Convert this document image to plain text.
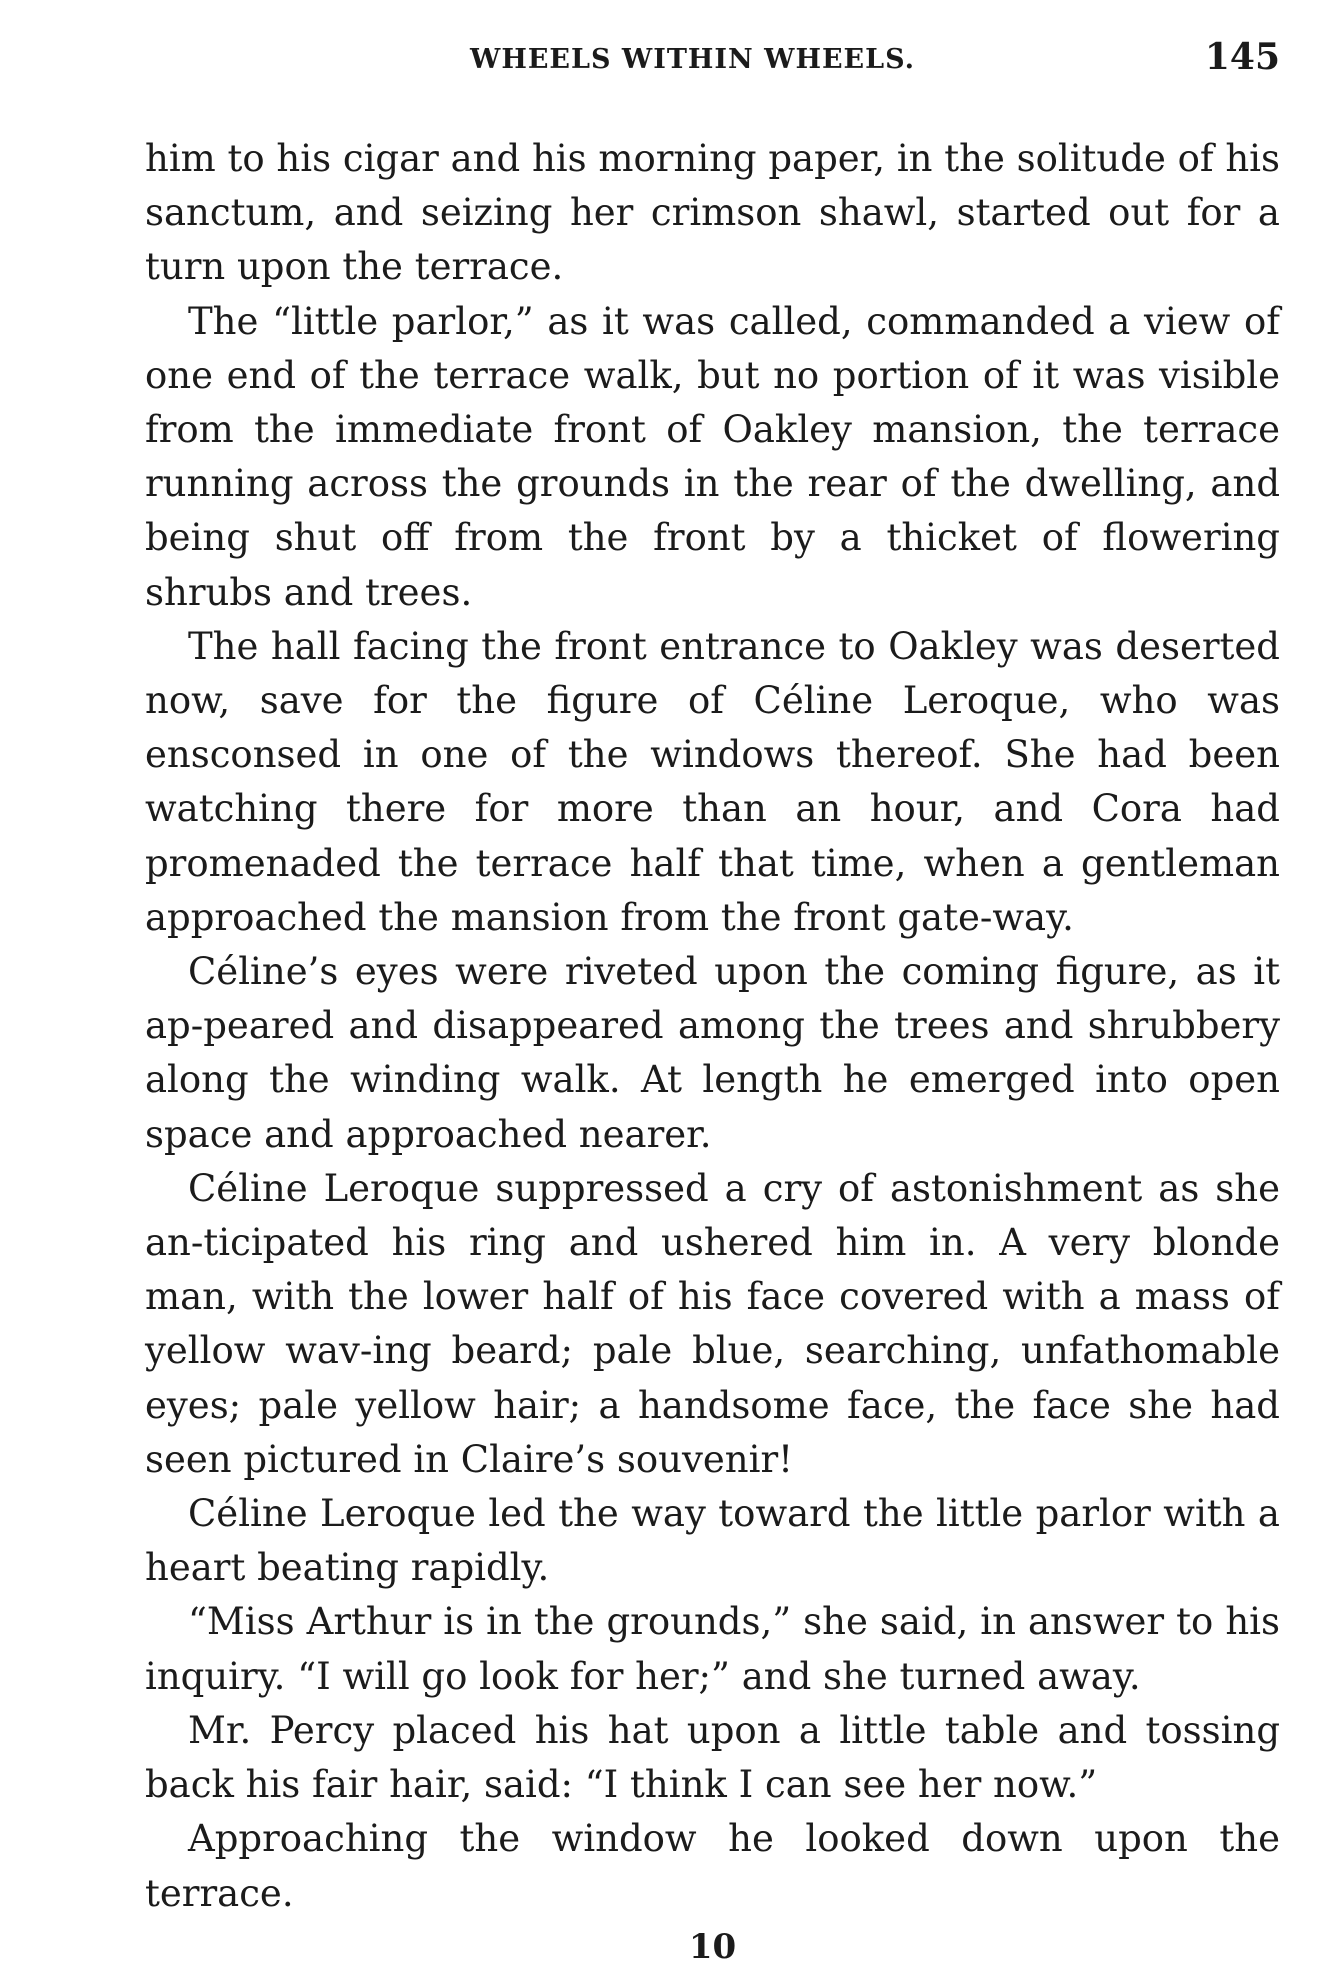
WHEELS WITHIN WHEELS.	145

him to his cigar and his morning paper, in the solitude of his sanctum, and seizing her crimson shawl, started out for a turn upon the terrace.

The “little parlor,” as it was called, commanded a view of one end of the terrace walk, but no portion of it was visible from the immediate front of Oakley mansion, the terrace running across the grounds in the rear of the dwelling, and being shut off from the front by a thicket of flowering shrubs and trees.

The hall facing the front entrance to Oakley was deserted now, save for the figure of Céline Leroque, who was ensconsed in one of the windows thereof. She had been watching there for more than an hour, and Cora had promenaded the terrace half that time, when a gentleman approached the mansion from the front gate-way.

Céline’s eyes were riveted upon the coming figure, as it ap-peared and disappeared among the trees and shrubbery along the winding walk. At length he emerged into open space and approached nearer.

Céline Leroque suppressed a cry of astonishment as she an-ticipated his ring and ushered him in. A very blonde man, with the lower half of his face covered with a mass of yellow wav-ing beard; pale blue, searching, unfathomable eyes; pale yellow hair; a handsome face, the face she had seen pictured in Claire’s souvenir!

Céline Leroque led the way toward the little parlor with a heart beating rapidly.

“Miss Arthur is in the grounds,” she said, in answer to his inquiry. “I will go look for her;” and she turned away.

Mr. Percy placed his hat upon a little table and tossing back his fair hair, said: “I think I can see her now.”

Approaching the window he looked down upon the terrace.

10
